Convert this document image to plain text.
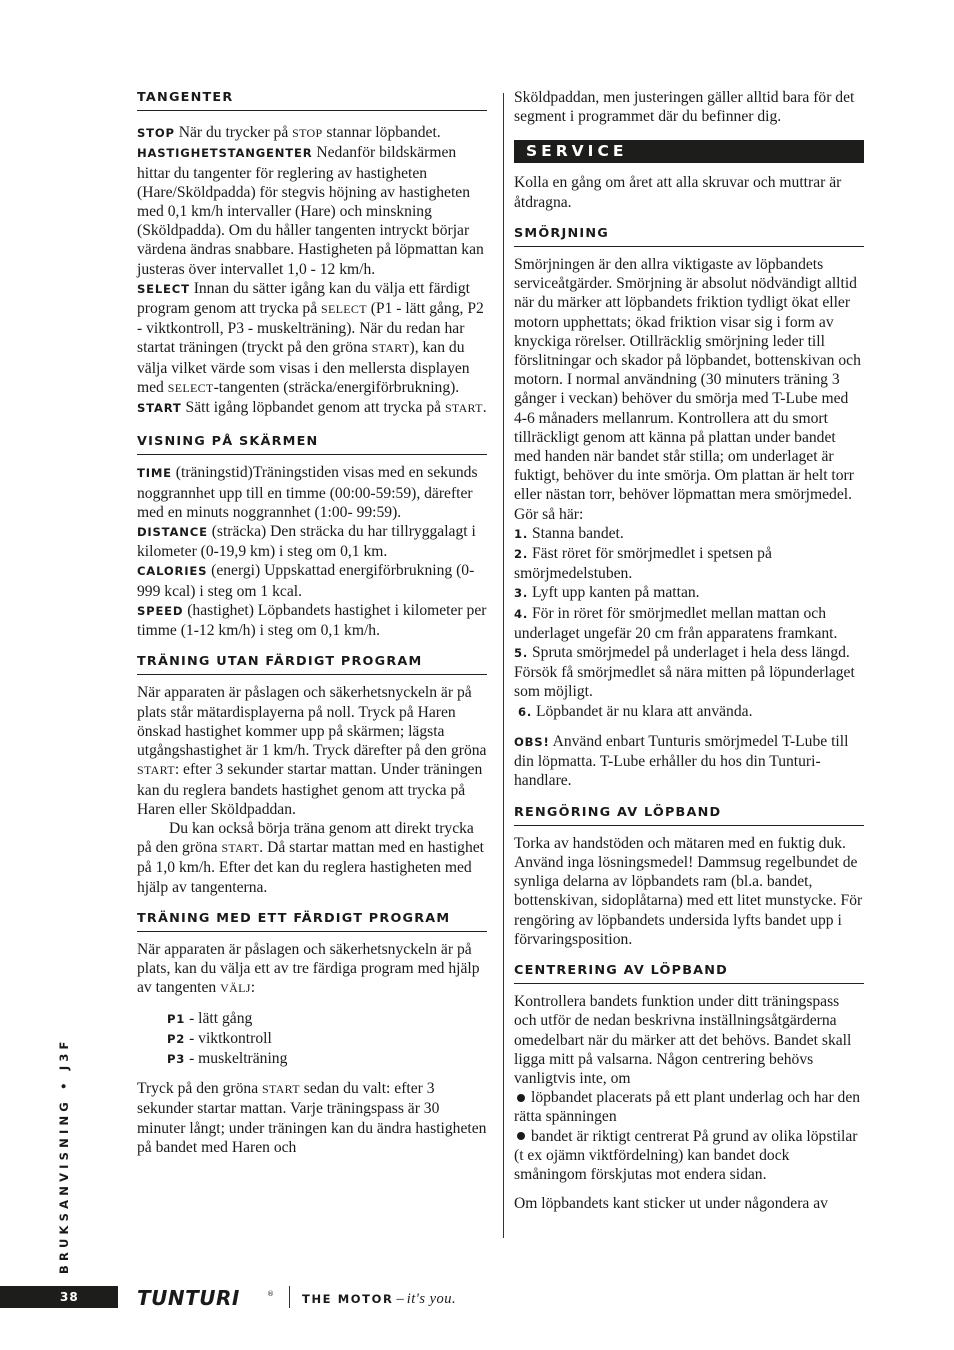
TANGENTER

STOP När du trycker på STOP stannar löpbandet.

HASTIGHETSTANGENTER Nedanför bildskärmen hittar du tangenter för reglering av hastigheten (Hare/Sköldpadda) för stegvis höjning av hastigheten med 0,1 km/h intervaller (Hare) och minskning (Sköldpadda). Om du håller tangenten intryckt börjar värdena ändras snabbare. Hastigheten på löpmattan kan justeras över intervallet 1,0 - 12 km/h.

SELECT Innan du sätter igång kan du välja ett färdigt program genom att trycka på SELECT (P1 - lätt gång, P2 - viktkontroll, P3 - muskelträning). När du redan har startat träningen (tryckt på den gröna START), kan du välja vilket värde som visas i den mellersta displayen med SELECT-tangenten (sträcka/energiförbrukning).

START Sätt igång löpbandet genom att trycka på START.

VISNING PÅ SKÄRMEN

TIME (träningstid)Träningstiden visas med en sekunds noggrannhet upp till en timme (00:00-59:59), därefter med en minuts noggrannhet (1:00- 99:59).

DISTANCE (sträcka) Den sträcka du har tillryggalagt i kilometer (0-19,9 km) i steg om 0,1 km.

CALORIES (energi) Uppskattad energiförbrukning (0-999 kcal) i steg om 1 kcal.

SPEED (hastighet) Löpbandets hastighet i kilometer per timme (1-12 km/h) i steg om 0,1 km/h.

TRÄNING UTAN FÄRDIGT PROGRAM

När apparaten är påslagen och säkerhetsnyckeln är på plats står mätardisplayerna på noll. Tryck på Haren önskad hastighet kommer upp på skärmen; lägsta utgångshastighet är 1 km/h. Tryck därefter på den gröna START: efter 3 sekunder startar mattan. Under träningen kan du reglera bandets hastighet genom att trycka på Haren eller Sköldpaddan.

Du kan också börja träna genom att direkt trycka på den gröna START. Då startar mattan med en hastighet på 1,0 km/h. Efter det kan du reglera hastigheten med hjälp av tangenterna.

TRÄNING MED ETT FÄRDIGT PROGRAM

När apparaten är påslagen och säkerhetsnyckeln är på plats, kan du välja ett av tre färdiga program med hjälp av tangenten VÄLJ:

P1 - lätt gång

P2 - viktkontroll

P3 - muskelträning

Tryck på den gröna START sedan du valt: efter 3 sekunder startar mattan. Varje träningspass är 30 minuter långt; under träningen kan du ändra hastigheten på bandet med Haren och

Sköldpaddan, men justeringen gäller alltid bara för det segment i programmet där du befinner dig.

SERVICE

Kolla en gång om året att alla skruvar och muttrar är åtdragna.

SMÖRJNING

Smörjningen är den allra viktigaste av löpbandets serviceåtgärder. Smörjning är absolut nödvändigt alltid när du märker att löpbandets friktion tydligt ökat eller motorn upphettats; ökad friktion visar sig i form av knyckiga rörelser. Otillräcklig smörjning leder till förslitningar och skador på löpbandet, bottenskivan och motorn. I normal användning (30 minuters träning 3 gånger i veckan) behöver du smörja med T-Lube med 4-6 månaders mellanrum. Kontrollera att du smort tillräckligt genom att känna på plattan under bandet med handen när bandet står stilla; om underlaget är fuktigt, behöver du inte smörja. Om plattan är helt torr eller nästan torr, behöver löpmattan mera smörjmedel. Gör så här:

1. Stanna bandet.

2. Fäst röret för smörjmedlet i spetsen på smörjmedelstuben.

3. Lyft upp kanten på mattan.

4. För in röret för smörjmedlet mellan mattan och underlaget ungefär 20 cm från apparatens framkant.

5. Spruta smörjmedel på underlaget i hela dess längd. Försök få smörjmedlet så nära mitten på löpunderlaget som möjligt.

6. Löpbandet är nu klara att använda.

OBS! Använd enbart Tunturis smörjmedel T-Lube till din löpmatta. T-Lube erhåller du hos din Tunturi-handlare.

RENGÖRING AV LÖPBAND

Torka av handstöden och mätaren med en fuktig duk. Använd inga lösningsmedel! Dammsug regelbundet de synliga delarna av löpbandets ram (bl.a. bandet, bottenskivan, sidoplåtarna) med ett litet munstycke. För rengöring av löpbandets undersida lyfts bandet upp i förvaringsposition.

CENTRERING AV LÖPBAND

Kontrollera bandets funktion under ditt träningspass och utför de nedan beskrivna inställningsåtgärderna omedelbart när du märker att det behövs. Bandet skall ligga mitt på valsarna. Någon centrering behövs vanligtvis inte, om

löpbandet placerats på ett plant underlag och har den rätta spänningen

bandet är riktigt centrerat På grund av olika löpstilar (t ex ojämn viktfördelning) kan bandet dock småningom förskjutas mot endera sidan.

Om löpbandets kant sticker ut under någondera av

BRUKSANVISNING • J3F
38	TUNTURI	® THE MOTOR – it's you.
